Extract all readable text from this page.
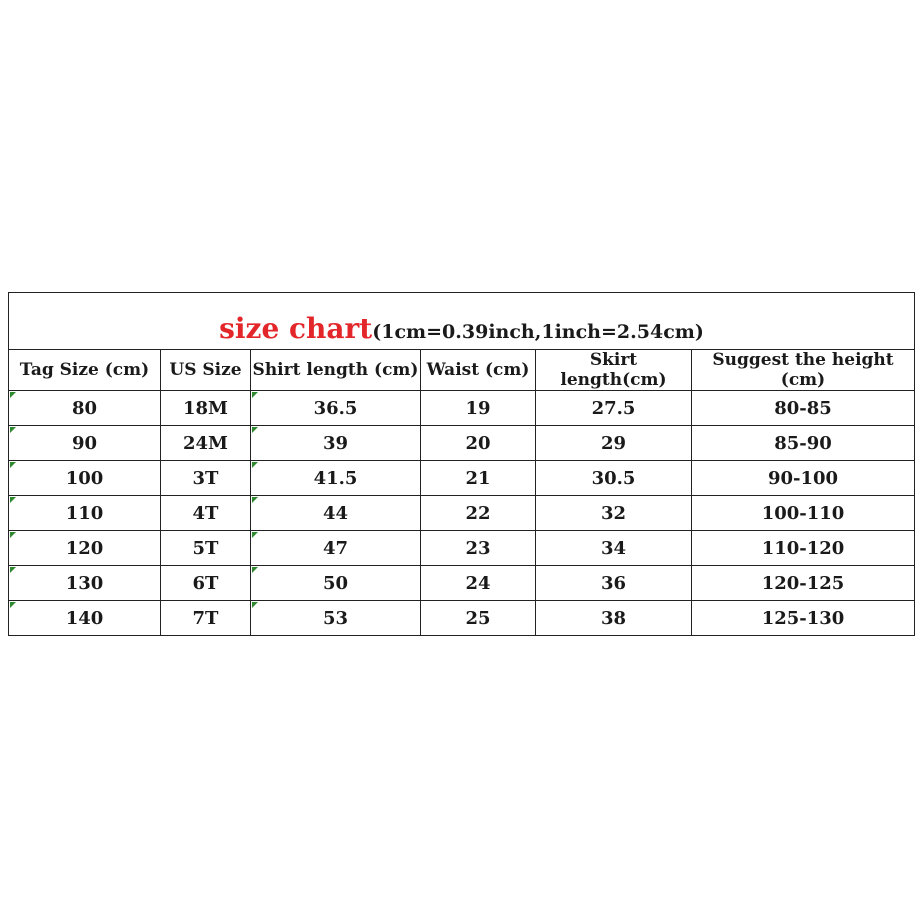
size chart(1cm=0.39inch,1inch=2.54cm)					
Tag Size (cm)	US Size	Shirt length (cm)	Waist (cm)	Skirt length(cm)	Suggest the height (cm)
80	18M	36.5	19	27.5	80-85
90	24M	39	20	29	85-90
100	3T	41.5	21	30.5	90-100
110	4T	44	22	32	100-110
120	5T	47	23	34	110-120
130	6T	50	24	36	120-125
140	7T	53	25	38	125-130
